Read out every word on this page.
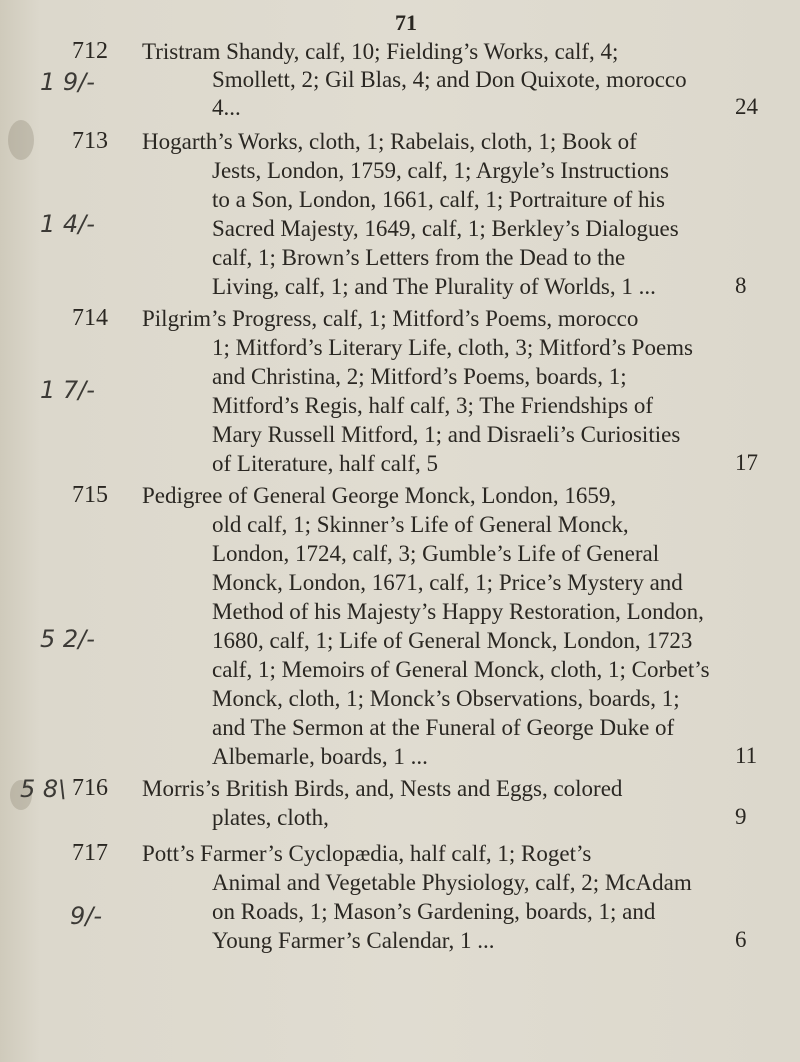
71
1 9/-
712 Tristram Shandy, calf, 10; Fielding’s Works, calf, 4;
Smollett, 2; Gil Blas, 4; and Don Quixote, morocco
4...	24
1 4/-
713 Hogarth’s Works, cloth, 1; Rabelais, cloth, 1; Book of
Jests, London, 1759, calf, 1; Argyle’s Instructions
to a Son, London, 1661, calf, 1; Portraiture of his
Sacred Majesty, 1649, calf, 1; Berkley’s Dialogues
calf, 1; Brown’s Letters from the Dead to the
Living, calf, 1; and The Plurality of Worlds, 1 ...	8
1 7/-
714 Pilgrim’s Progress, calf, 1; Mitford’s Poems, morocco
1; Mitford’s Literary Life, cloth, 3; Mitford’s Poems
and Christina, 2; Mitford’s Poems, boards, 1;
Mitford’s Regis, half calf, 3; The Friendships of
Mary Russell Mitford, 1; and Disraeli’s Curiosities
of Literature, half calf, 5	17
5 2/-
715 Pedigree of General George Monck, London, 1659,
old calf, 1; Skinner’s Life of General Monck,
London, 1724, calf, 3; Gumble’s Life of General
Monck, London, 1671, calf, 1; Price’s Mystery and
Method of his Majesty’s Happy Restoration, London,
1680, calf, 1; Life of General Monck, London, 1723
calf, 1; Memoirs of General Monck, cloth, 1; Corbet’s
Monck, cloth, 1; Monck’s Observations, boards, 1;
and The Sermon at the Funeral of George Duke of
Albemarle, boards, 1 ...	11
5 8\ 716 Morris’s British Birds, and, Nests and Eggs, colored
plates, cloth,	9
9/-
717 Pott’s Farmer’s Cyclopædia, half calf, 1; Roget’s
Animal and Vegetable Physiology, calf, 2; McAdam
on Roads, 1; Mason’s Gardening, boards, 1; and
Young Farmer’s Calendar, 1 ...	6
